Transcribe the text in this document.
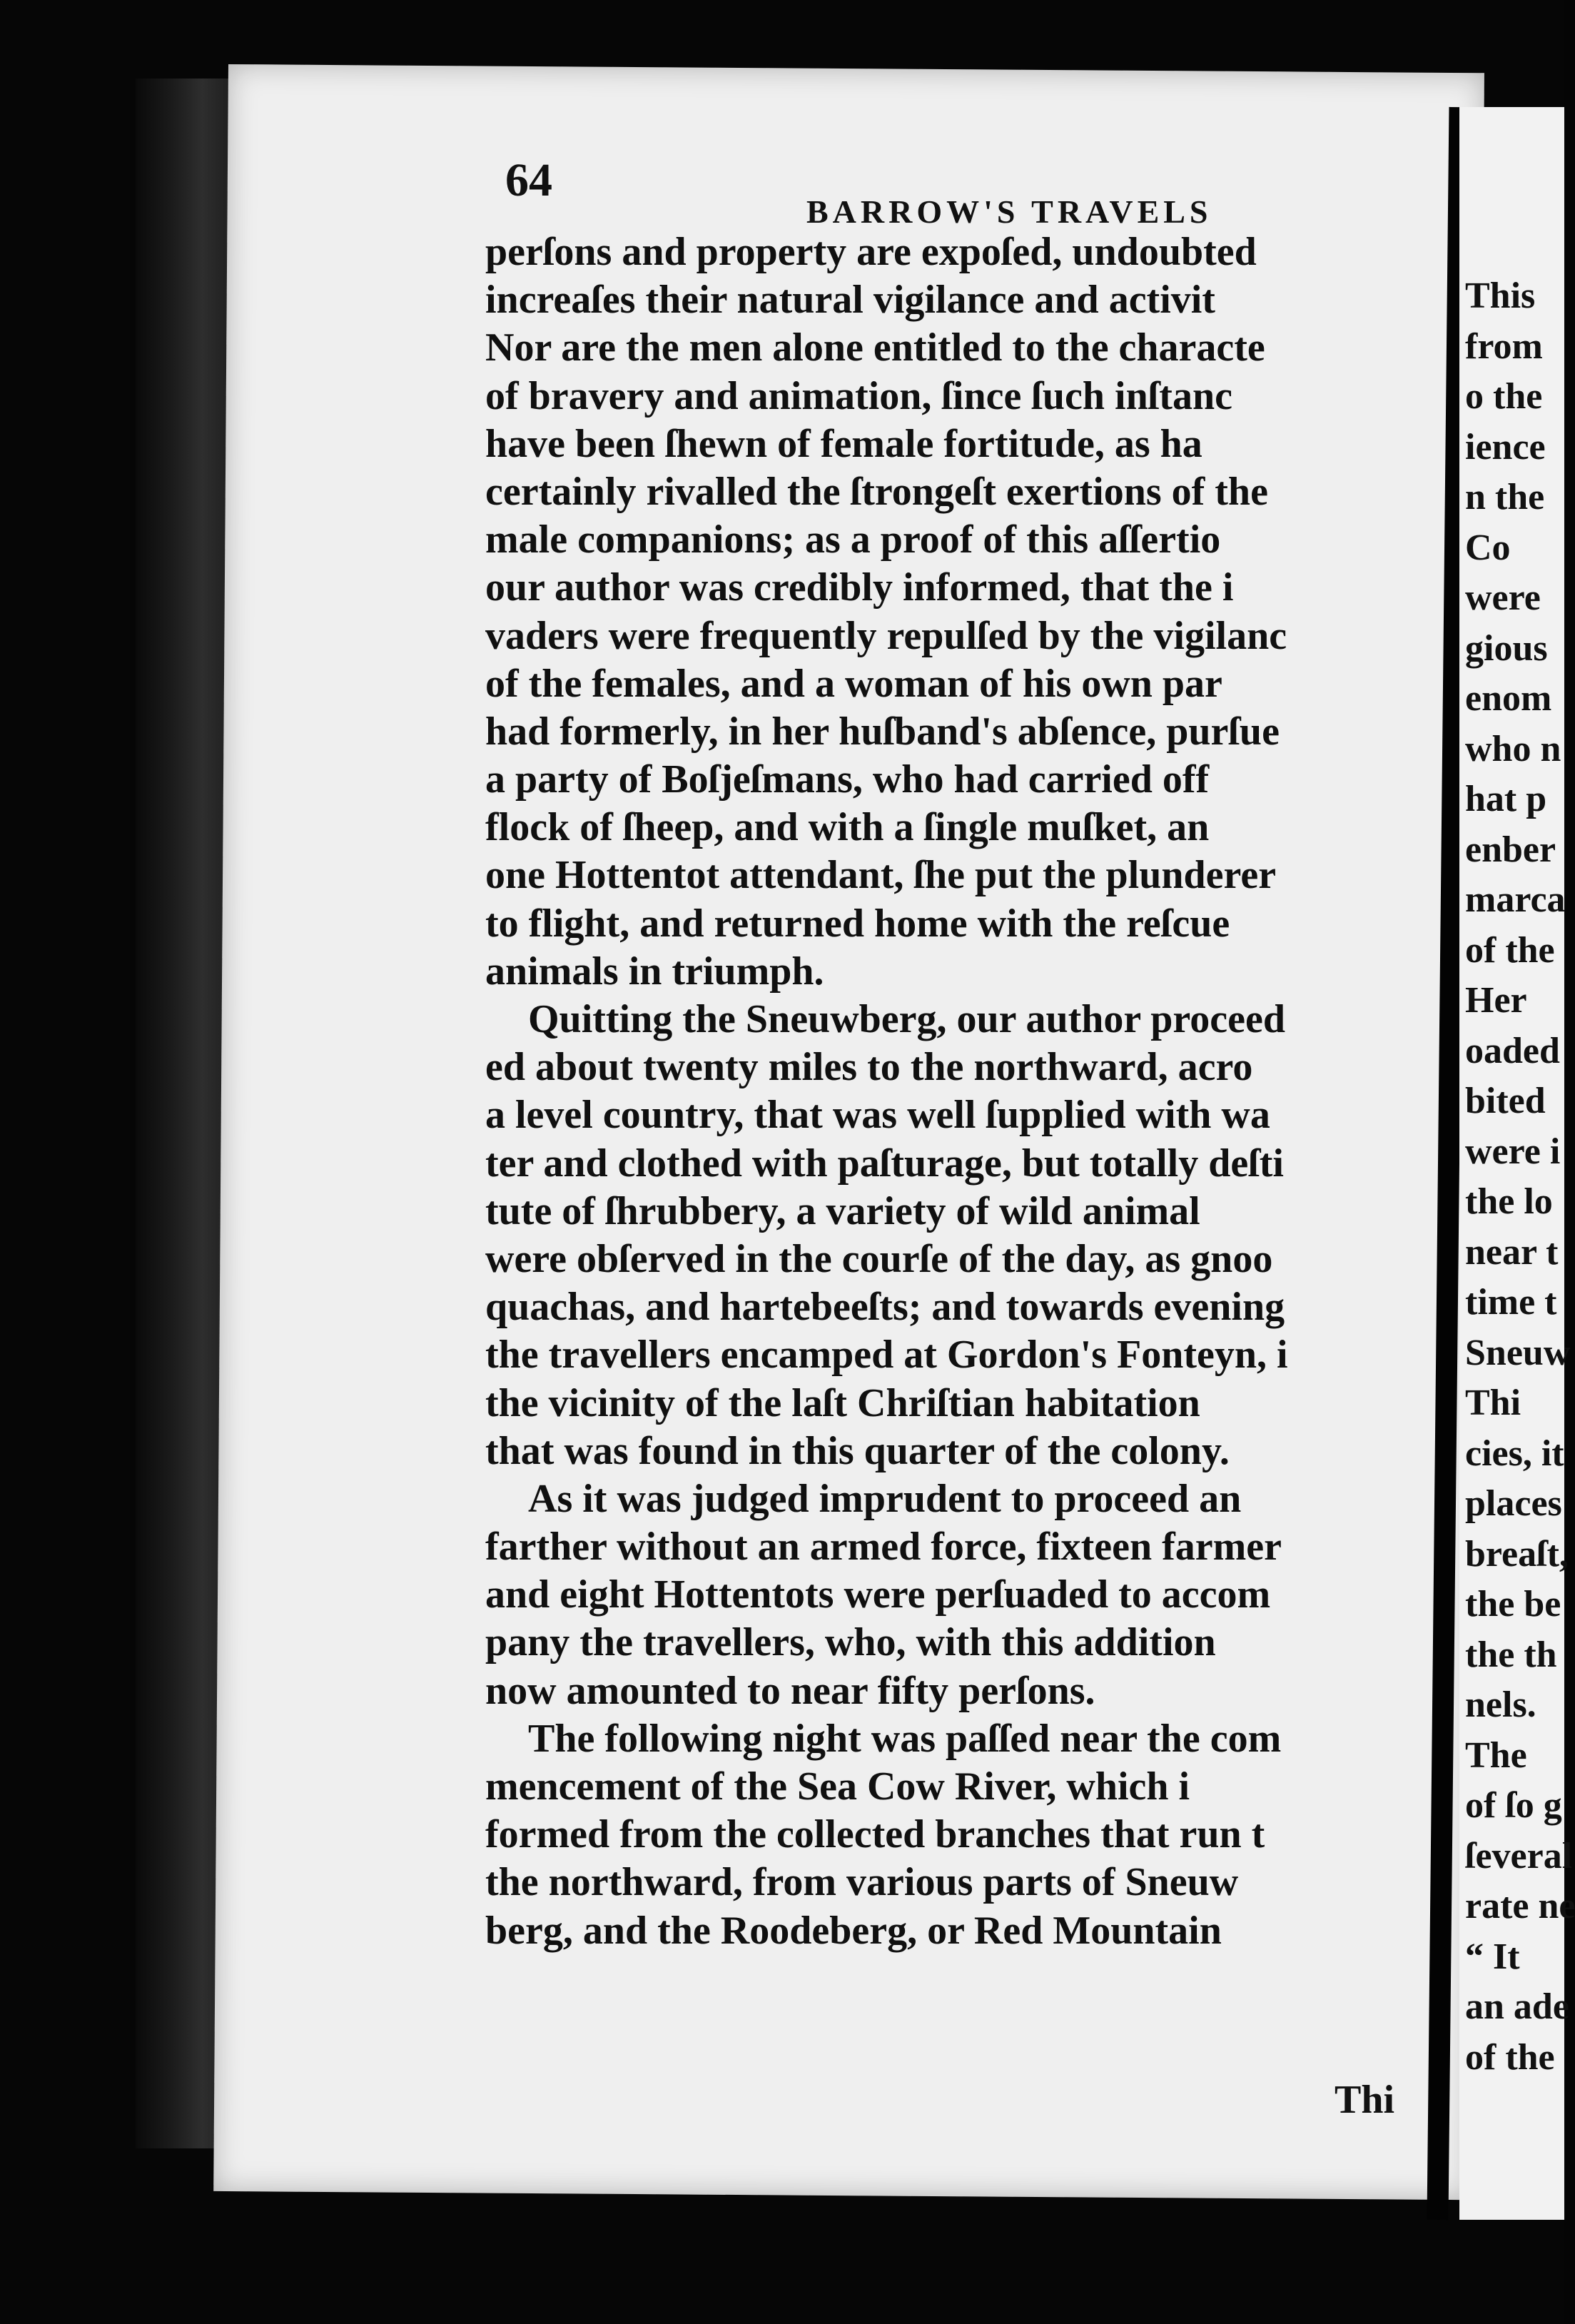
64
BARROW'S TRAVELS
perſons and property are expoſed, undoubted
increaſes their natural vigilance and activit
Nor are the men alone entitled to the characte
of bravery and animation, ſince ſuch inſtanc
have been ſhewn of female fortitude, as ha
certainly rivalled the ſtrongeſt exertions of the
male companions; as a proof of this aſſertio
our author was credibly informed, that the i
vaders were frequently repulſed by the vigilanc
of the females, and a woman of his own par
had formerly, in her huſband's abſence, purſue
a party of Boſjeſmans, who had carried off
flock of ſheep, and with a ſingle muſket, an
one Hottentot attendant, ſhe put the plunderer
to flight, and returned home with the reſcue
animals in triumph.
Quitting the Sneuwberg, our author proceed
ed about twenty miles to the northward, acro
a level country, that was well ſupplied with wa
ter and clothed with paſturage, but totally deſti
tute of ſhrubbery, a variety of wild animal
were obſerved in the courſe of the day, as gnoo
quachas, and hartebeeſts; and towards evening
the travellers encamped at Gordon's Fonteyn, i
the vicinity of the laſt Chriſtian habitation
that was found in this quarter of the colony.
As it was judged imprudent to proceed an
farther without an armed force, fixteen farmer
and eight Hottentots were perſuaded to accom
pany the travellers, who, with this addition
now amounted to near fifty perſons.
The following night was paſſed near the com
mencement of the Sea Cow River, which i
formed from the collected branches that run t
the northward, from various parts of Sneuw
berg, and the Roodeberg, or Red Mountain
Thi
This
from
o the
ience
n the
Co
were
gious
enom
who n
hat p
enber
marca
of the
Her
oaded
bited
were i
the lo
near t
time t
Sneuw
Thi
cies, it
places
breaſt,
the be
the th
nels.
The
of ſo g
ſeveral
rate ne
“ It
an ade
of the
